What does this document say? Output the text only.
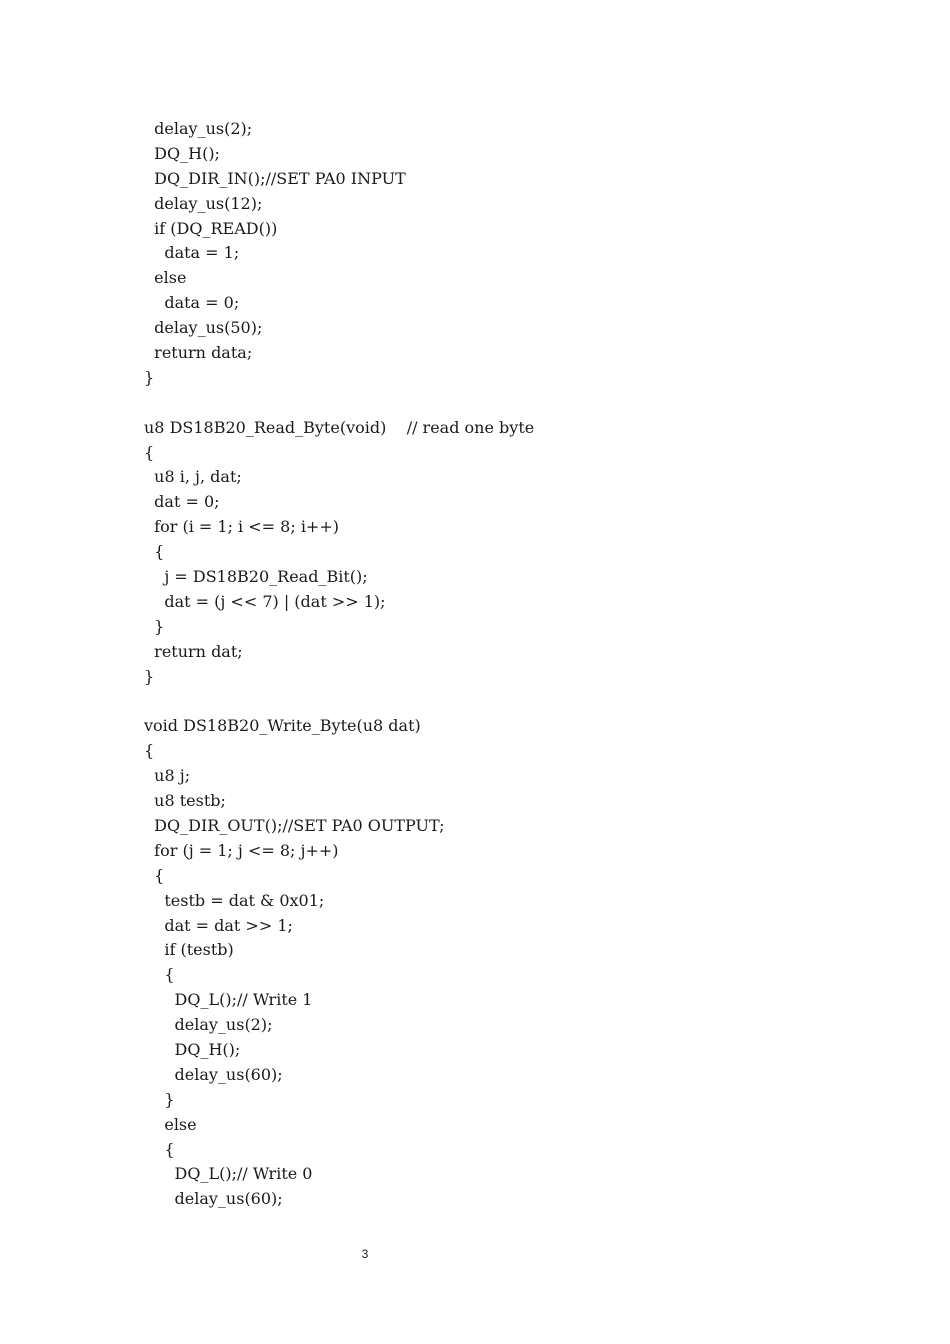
delay_us(2);
DQ_H();
DQ_DIR_IN();//SET PA0 INPUT
delay_us(12);
if (DQ_READ())
data = 1;
else
data = 0;
delay_us(50);
return data;
}
u8 DS18B20_Read_Byte(void)    // read one byte
{
u8 i, j, dat;
dat = 0;
for (i = 1; i <= 8; i++)
{
j = DS18B20_Read_Bit();
dat = (j << 7) | (dat >> 1);
}
return dat;
}
void DS18B20_Write_Byte(u8 dat)
{
u8 j;
u8 testb;
DQ_DIR_OUT();//SET PA0 OUTPUT;
for (j = 1; j <= 8; j++)
{
testb = dat & 0x01;
dat = dat >> 1;
if (testb)
{
DQ_L();// Write 1
delay_us(2);
DQ_H();
delay_us(60);
}
else
{
DQ_L();// Write 0
delay_us(60);
3
